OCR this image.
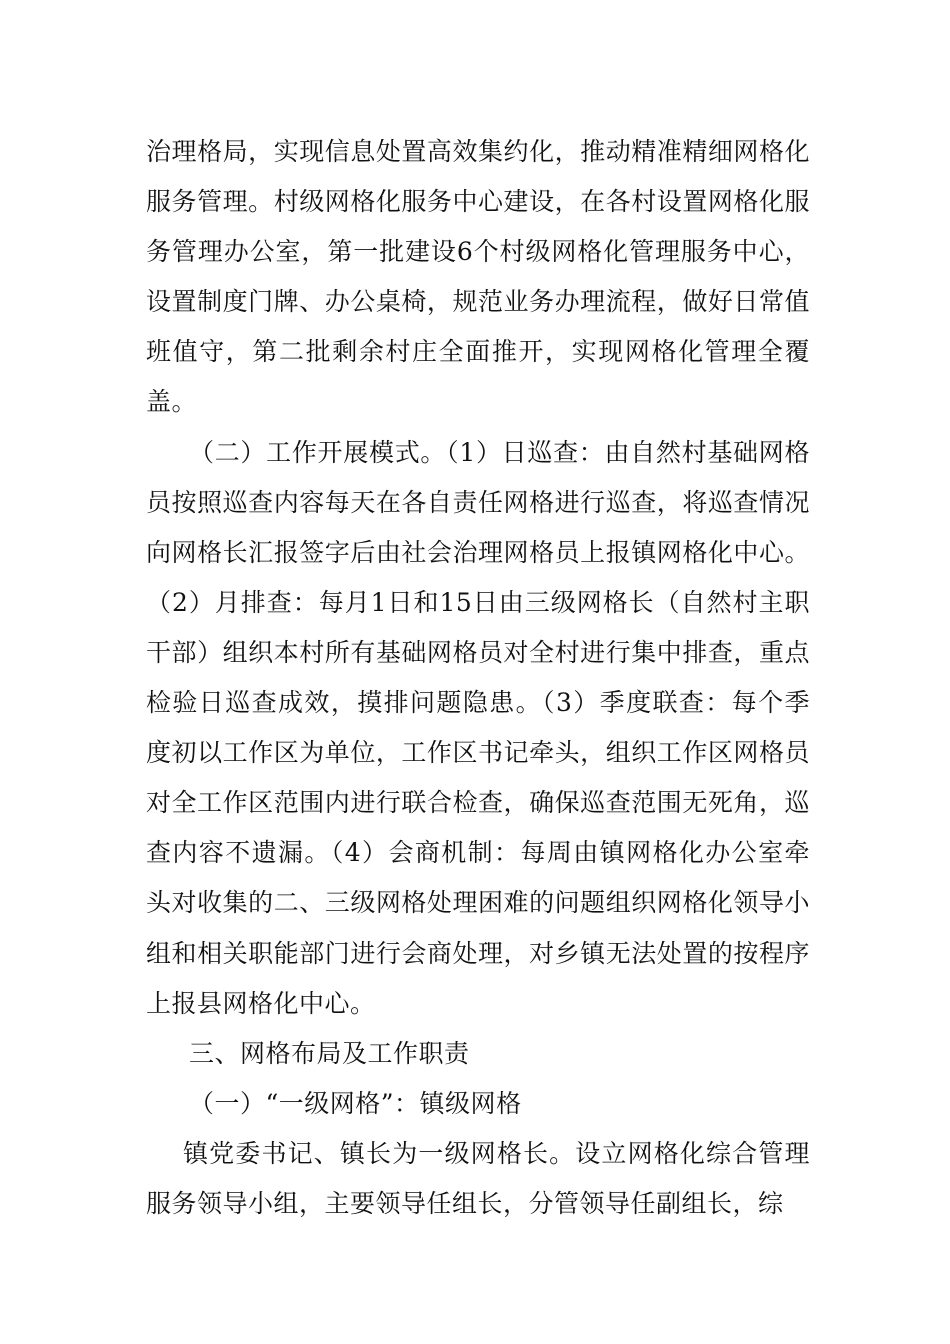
治理格局，实现信息处置高效集约化，推动精准精细网格化服务管理。村级网格化服务中心建设，在各村设置网格化服务管理办公室，第一批建设6个村级网格化管理服务中心，设置制度门牌、办公桌椅，规范业务办理流程，做好日常值班值守，第二批剩余村庄全面推开，实现网格化管理全覆盖。

（二）工作开展模式。（1）日巡查：由自然村基础网格员按照巡查内容每天在各自责任网格进行巡查，将巡查情况向网格长汇报签字后由社会治理网格员上报镇网格化中心。（2）月排查：每月1日和15日由三级网格长（自然村主职干部）组织本村所有基础网格员对全村进行集中排查，重点检验日巡查成效，摸排问题隐患。（3）季度联查：每个季度初以工作区为单位，工作区书记牵头，组织工作区网格员对全工作区范围内进行联合检查，确保巡查范围无死角，巡查内容不遗漏。（4）会商机制：每周由镇网格化办公室牵头对收集的二、三级网格处理困难的问题组织网格化领导小组和相关职能部门进行会商处理，对乡镇无法处置的按程序上报县网格化中心。

三、网格布局及工作职责

（一）“一级网格”：镇级网格

镇党委书记、镇长为一级网格长。设立网格化综合管理服务领导小组，主要领导任组长，分管领导任副组长，综
